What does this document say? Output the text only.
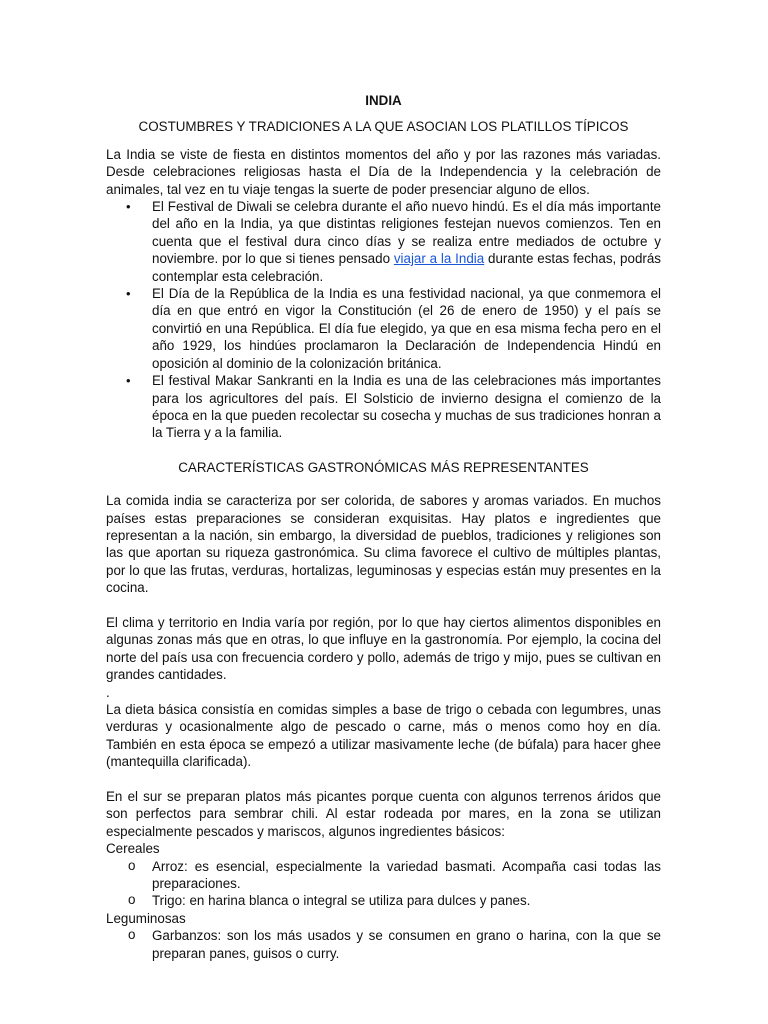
INDIA

COSTUMBRES Y TRADICIONES A LA QUE ASOCIAN LOS PLATILLOS TÍPICOS

La India se viste de fiesta en distintos momentos del año y por las razones más variadas. Desde celebraciones religiosas hasta el Día de la Independencia y la celebración de animales, tal vez en tu viaje tengas la suerte de poder presenciar alguno de ellos.

• El Festival de Diwali se celebra durante el año nuevo hindú. Es el día más importante del año en la India, ya que distintas religiones festejan nuevos comienzos. Ten en cuenta que el festival dura cinco días y se realiza entre mediados de octubre y noviembre. por lo que si tienes pensado viajar a la India durante estas fechas, podrás contemplar esta celebración.
• El Día de la República de la India es una festividad nacional, ya que conmemora el día en que entró en vigor la Constitución (el 26 de enero de 1950) y el país se convirtió en una República. El día fue elegido, ya que en esa misma fecha pero en el año 1929, los hindúes proclamaron la Declaración de Independencia Hindú en oposición al dominio de la colonización británica.
• El festival Makar Sankranti en la India es una de las celebraciones más importantes para los agricultores del país. El Solsticio de invierno designa el comienzo de la época en la que pueden recolectar su cosecha y muchas de sus tradiciones honran a la Tierra y a la familia.

CARACTERÍSTICAS GASTRONÓMICAS MÁS REPRESENTANTES

La comida india se caracteriza por ser colorida, de sabores y aromas variados. En muchos países estas preparaciones se consideran exquisitas. Hay platos e ingredientes que representan a la nación, sin embargo, la diversidad de pueblos, tradiciones y religiones son las que aportan su riqueza gastronómica. Su clima favorece el cultivo de múltiples plantas, por lo que las frutas, verduras, hortalizas, leguminosas y especias están muy presentes en la cocina.

El clima y territorio en India varía por región, por lo que hay ciertos alimentos disponibles en algunas zonas más que en otras, lo que influye en la gastronomía. Por ejemplo, la cocina del norte del país usa con frecuencia cordero y pollo, además de trigo y mijo, pues se cultivan en grandes cantidades.

.

La dieta básica consistía en comidas simples a base de trigo o cebada con legumbres, unas verduras y ocasionalmente algo de pescado o carne, más o menos como hoy en día. También en esta época se empezó a utilizar masivamente leche (de búfala) para hacer ghee (mantequilla clarificada).

En el sur se preparan platos más picantes porque cuenta con algunos terrenos áridos que son perfectos para sembrar chili. Al estar rodeada por mares, en la zona se utilizan especialmente pescados y mariscos, algunos ingredientes básicos:

Cereales

o	Arroz: es esencial, especialmente la variedad basmati. Acompaña casi todas las preparaciones.
o	Trigo: en harina blanca o integral se utiliza para dulces y panes.

Leguminosas

o	Garbanzos: son los más usados y se consumen en grano o harina, con la que se preparan panes, guisos o curry.
